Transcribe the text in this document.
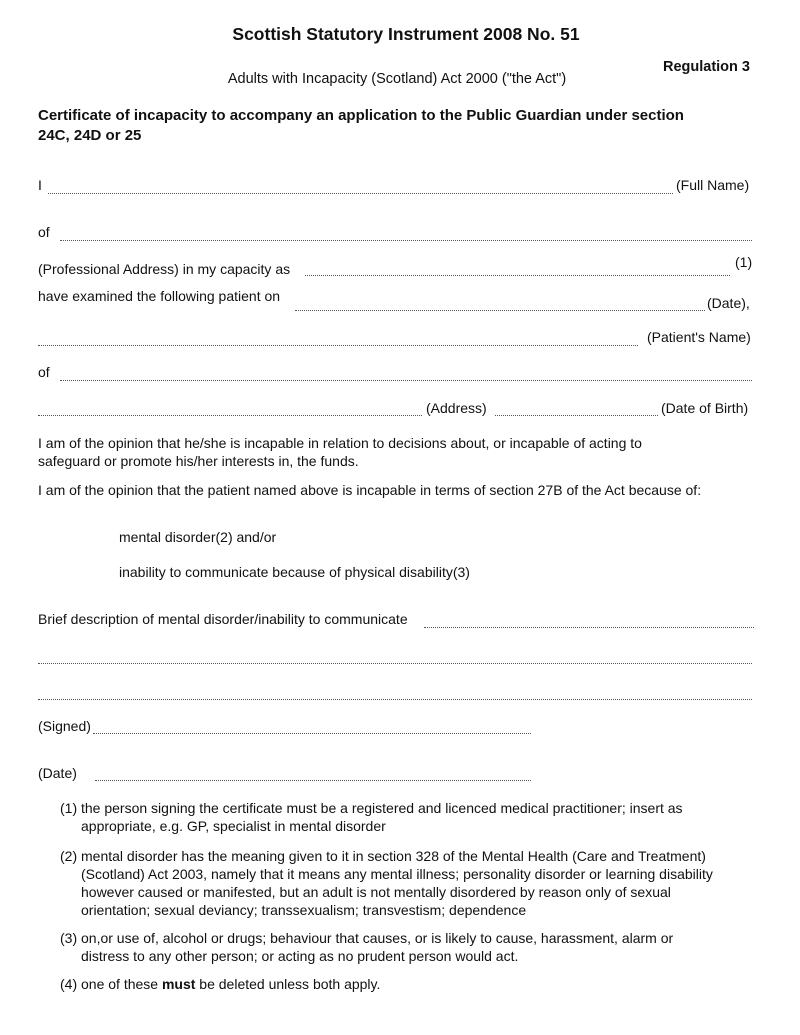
Scottish Statutory Instrument 2008 No. 51
Regulation 3
Adults with Incapacity (Scotland) Act 2000 ("the Act")
Certificate of incapacity to accompany an application to the Public Guardian under section 24C, 24D or 25
I	(Full Name)
of
(Professional Address) in my capacity as	(1)
have examined the following patient on	(Date),
(Patient's Name)
of
(Address)	(Date of Birth)
I am of the opinion that he/she is incapable in relation to decisions about, or incapable of acting to safeguard or promote his/her interests in, the funds.
I am of the opinion that the patient named above is incapable in terms of section 27B of the Act because of:
mental disorder(2) and/or
inability to communicate because of physical disability(3)
Brief description of mental disorder/inability to communicate
(Signed)
(Date)
(1) the person signing the certificate must be a registered and licenced medical practitioner; insert as appropriate, e.g. GP, specialist in mental disorder
(2) mental disorder has the meaning given to it in section 328 of the Mental Health (Care and Treatment) (Scotland) Act 2003, namely that it means any mental illness; personality disorder or learning disability however caused or manifested, but an adult is not mentally disordered by reason only of sexual orientation; sexual deviancy; transsexualism; transvestism; dependence
(3) on,or use of, alcohol or drugs; behaviour that causes, or is likely to cause, harassment, alarm or distress to any other person; or acting as no prudent person would act.
(4) one of these must be deleted unless both apply.
